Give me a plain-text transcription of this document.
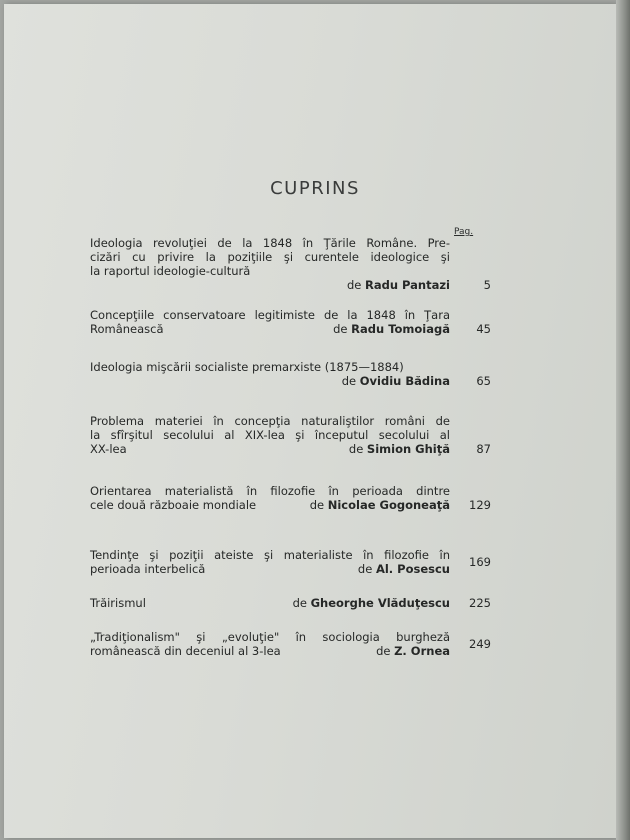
CUPRINS
Pag.
Ideologia revoluţiei de la 1848 în Ţările Române. Pre-
cizări cu privire la poziţiile şi curentele ideologice şi
la raportul ideologie-cultură
de Radu Pantazi	5
Concepţiile conservatoare legitimiste de la 1848 în Ţara
Românească	de Radu Tomoiagă 45
Ideologia mişcării socialiste premarxiste (1875—1884)
de Ovidiu Bădina 65
Problema materiei în concepţia naturaliştilor români de
la sfîrşitul secolului al XIX-lea şi începutul secolului al
XX-lea	de Simion Ghiţă 87
Orientarea materialistă în filozofie în perioada dintre
cele două războaie mondiale	de Nicolae Gogoneaţă 129
Tendinţe şi poziţii ateiste şi materialiste în filozofie în
perioada interbelică	de Al. Posescu 169
Trăirismul	de Gheorghe Vlăduţescu 225
„Tradiţionalism" şi „evoluţie" în sociologia burgheză
românească din deceniul al 3-lea	de Z. Ornea 249
